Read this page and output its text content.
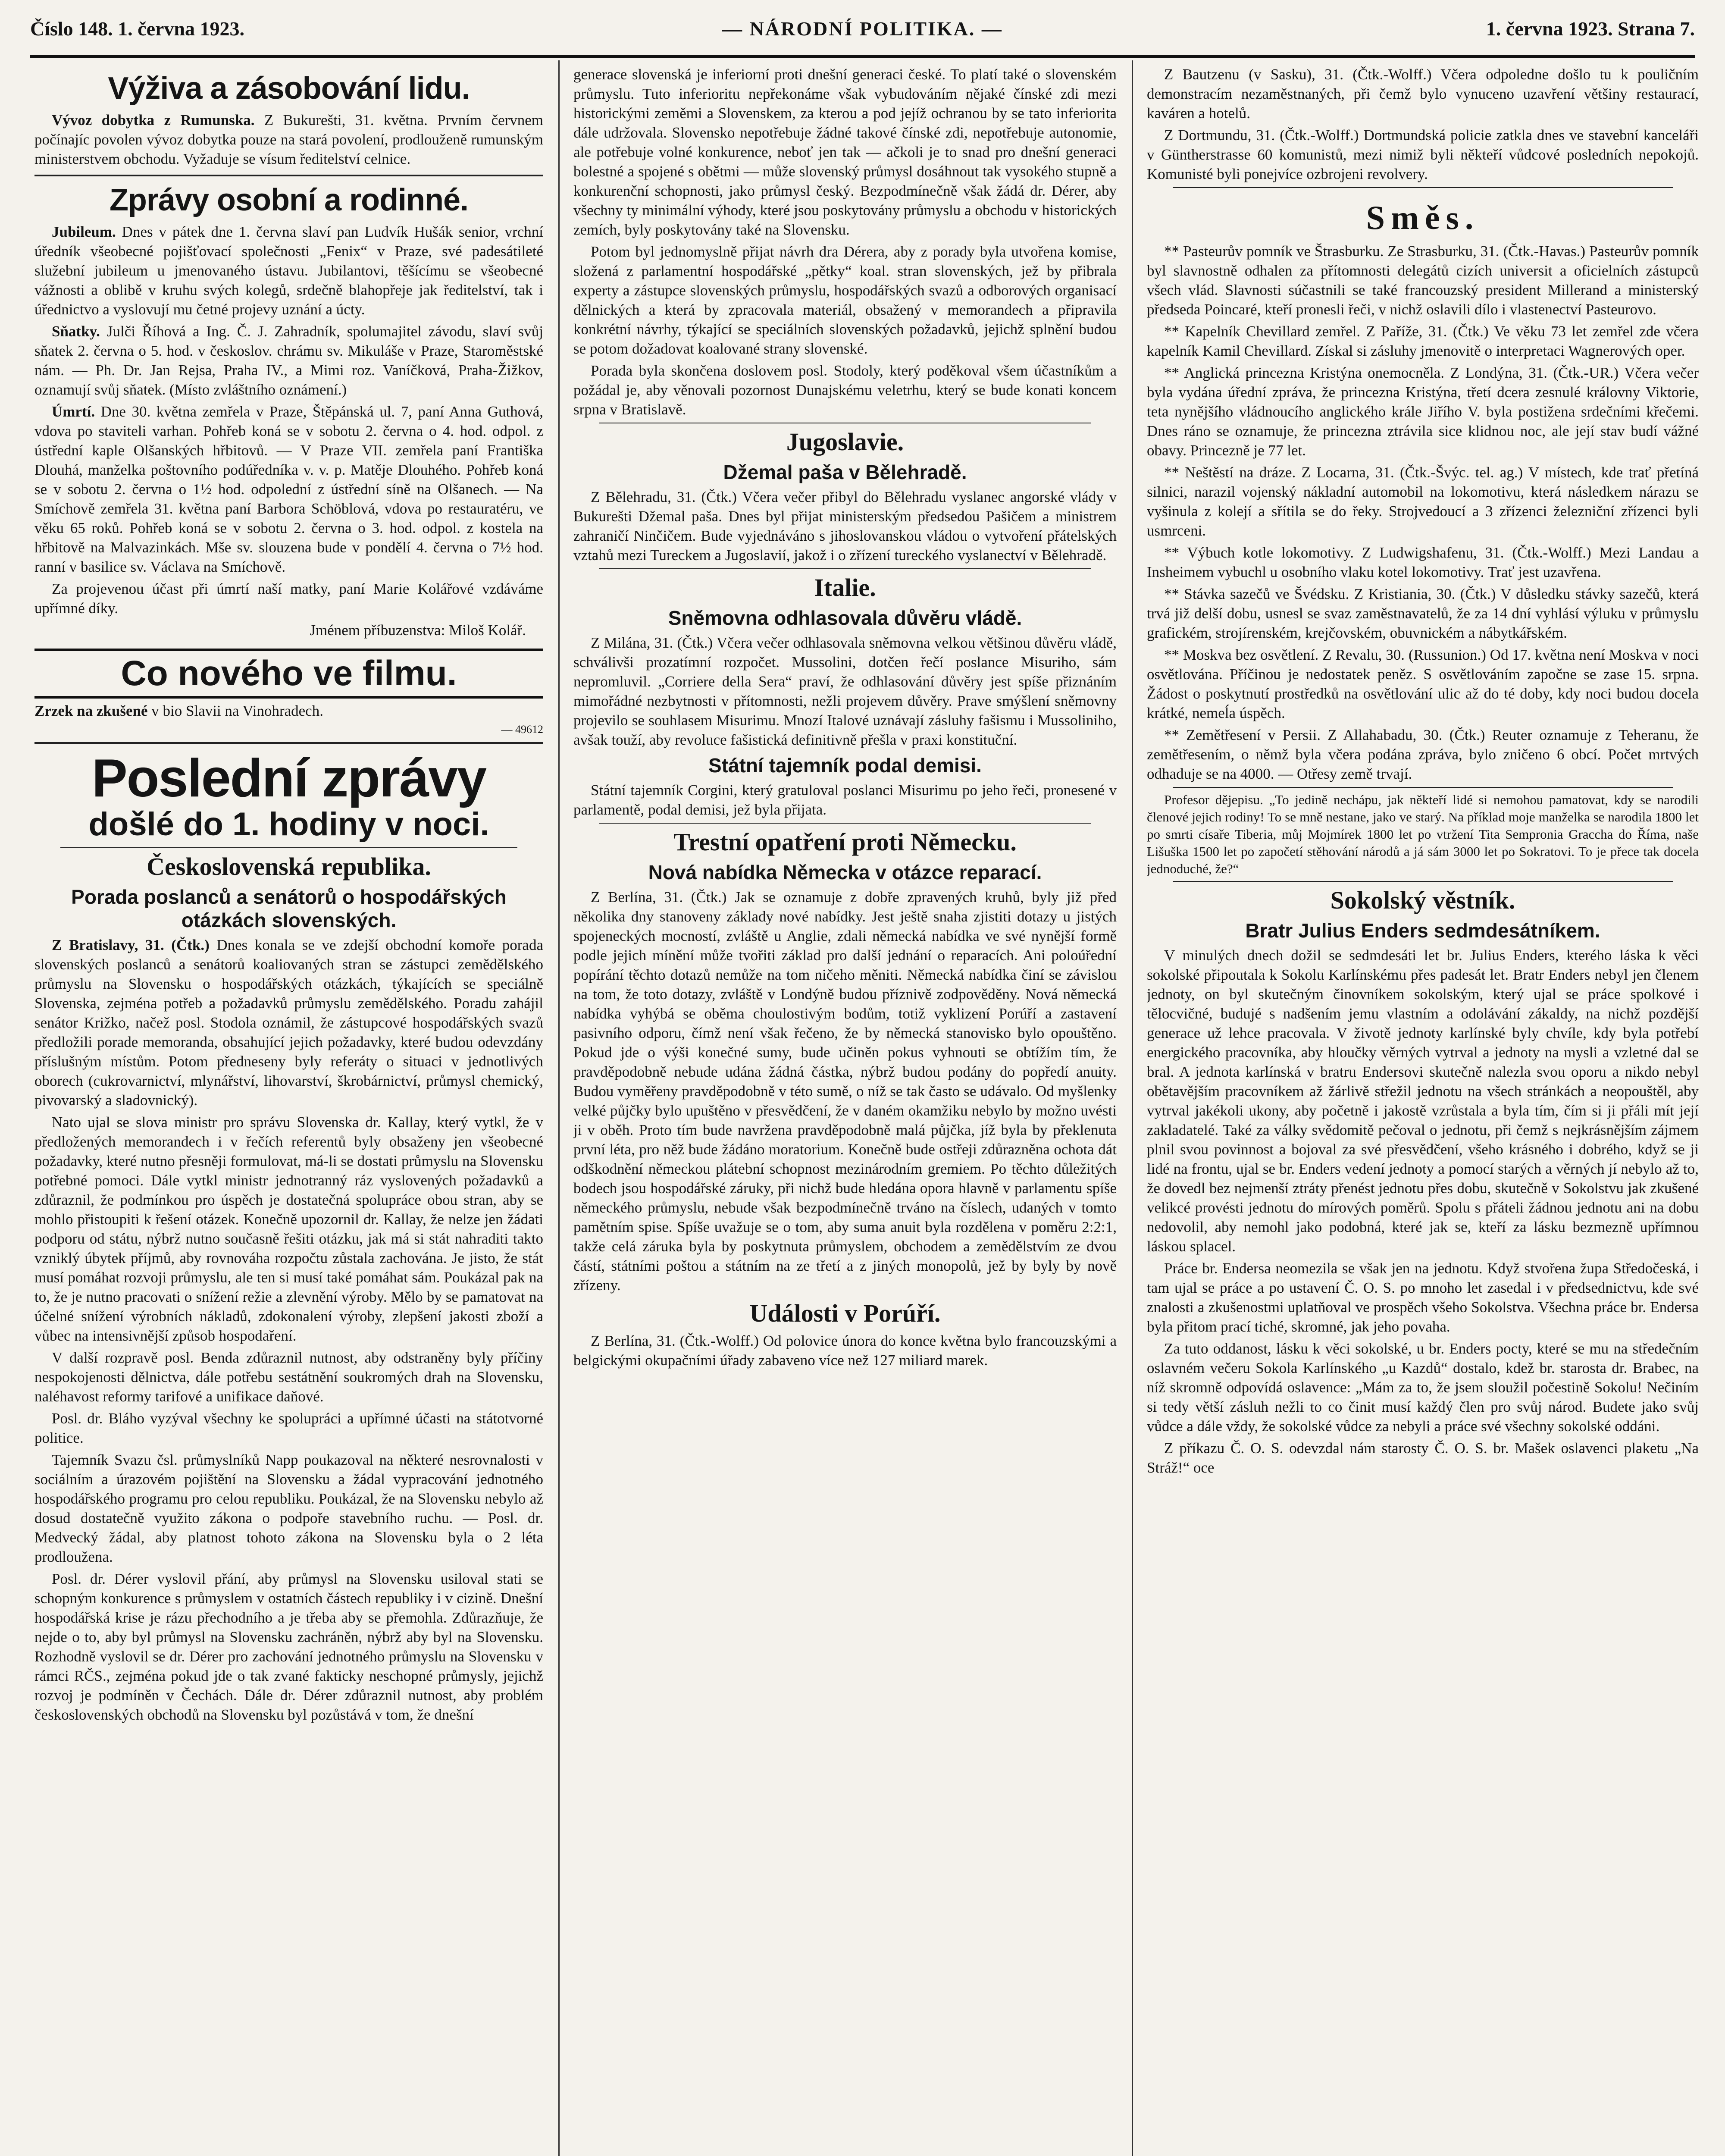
Číslo 148. 1. června 1923.	— NÁRODNÍ POLITIKA. —	1. června 1923. Strana 7.
Výživa a zásobování lidu.

Vývoz dobytka z Rumunska. Z Bukurešti, 31. května. Prvním červnem počínajíc povolen vývoz dobytka pouze na stará povolení, prodlouženě rumunským ministerstvem obchodu. Vyžaduje se vísum ředitelství celnice.

Zprávy osobní a rodinné.

Jubileum. Dnes v pátek dne 1. června slaví pan Ludvík Hušák senior, vrchní úředník všeobecné pojišťovací společnosti „Fenix“ v Praze, své padesátileté služební jubileum u jmenovaného ústavu. Jubilantovi, těšícímu se všeobecné vážnosti a oblibě v kruhu svých kolegů, srdečně blahopřeje jak ředitelství, tak i úřednictvo a vyslovují mu četné projevy uznání a úcty.

Sňatky. Julči Říhová a Ing. Č. J. Zahradník, spolumajitel závodu, slaví svůj sňatek 2. června o 5. hod. v českoslov. chrámu sv. Mikuláše v Praze, Staroměstské nám. — Ph. Dr. Jan Rejsa, Praha IV., a Mimi roz. Vaníčková, Praha-Žižkov, oznamují svůj sňatek. (Místo zvláštního oznámení.)

Úmrtí. Dne 30. května zemřela v Praze, Štěpánská ul. 7, paní Anna Guthová, vdova po staviteli varhan. Pohřeb koná se v sobotu 2. června o 4. hod. odpol. z ústřední kaple Olšanských hřbitovů. — V Praze VII. zemřela paní Františka Dlouhá, manželka poštovního podúředníka v. v. p. Matěje Dlouhého. Pohřeb koná se v sobotu 2. června o 1½ hod. odpolední z ústřední síně na Olšanech. — Na Smíchově zemřela 31. května paní Barbora Schöblová, vdova po restauratéru, ve věku 65 roků. Pohřeb koná se v sobotu 2. června o 3. hod. odpol. z kostela na hřbitově na Malvazinkách. Mše sv. slouzena bude v pondělí 4. června o 7½ hod. ranní v basilice sv. Václava na Smíchově.

Za projevenou účast při úmrtí naší matky, paní Marie Kolářové vzdáváme upřímné díky.

Jménem příbuzenstva: Miloš Kolář.
Co nového ve filmu.

Zrzek na zkušené v bio Slavii na Vinohradech.

— 49612
Poslední zprávy
došlé do 1. hodiny v noci.
Československá republika.
Porada poslanců a senátorů o hospodářských otázkách slovenských.

Z Bratislavy, 31. (Čtk.) Dnes konala se ve zdejší obchodní komoře porada slovenských poslanců a senátorů koaliovaných stran se zástupci zemědělského průmyslu na Slovensku o hospodářských otázkách, týkajících se speciálně Slovenska, zejména potřeb a požadavků průmyslu zemědělského. Poradu zahájil senátor Križko, načež posl. Stodola oznámil, že zástupcové hospodářských svazů předložili porade memoranda, obsahující jejich požadavky, které budou odevzdány příslušným místům. Potom předneseny byly referáty o situaci v jednotlivých oborech (cukrovarnictví, mlynářství, lihovarství, škrobárnictví, průmysl chemický, pivovarský a sladovnický).

Nato ujal se slova ministr pro správu Slovenska dr. Kallay, který vytkl, že v předložených memorandech i v řečích referentů byly obsaženy jen všeobecné požadavky, které nutno přesněji formulovat, má-li se dostati průmyslu na Slovensku potřebné pomoci. Dále vytkl ministr jednotranný ráz vyslovených požadavků a zdůraznil, že podmínkou pro úspěch je dostatečná spolupráce obou stran, aby se mohlo přistoupiti k řešení otázek. Konečně upozornil dr. Kallay, že nelze jen žádati podporu od státu, nýbrž nutno současně řešiti otázku, jak má si stát nahraditi takto vzniklý úbytek příjmů, aby rovnováha rozpočtu zůstala zachována. Je jisto, že stát musí pomáhat rozvoji průmyslu, ale ten si musí také pomáhat sám. Poukázal pak na to, že je nutno pracovati o snížení režie a zlevnění výroby. Mělo by se pamatovat na účelné snížení výrobních nákladů, zdokonalení výroby, zlepšení jakosti zboží a vůbec na intensivnější způsob hospodaření.

V další rozpravě posl. Benda zdůraznil nutnost, aby odstraněny byly příčiny nespokojenosti dělnictva, dále potřebu sestátnění soukromých drah na Slovensku, naléhavost reformy tarifové a unifikace daňové.

Posl. dr. Bláho vyzýval všechny ke spolupráci a upřímné účasti na státotvorné politice.

Tajemník Svazu čsl. průmyslníků Napp poukazoval na některé nesrovnalosti v sociálním a úrazovém pojištění na Slovensku a žádal vypracování jednotného hospodářského programu pro celou republiku. Poukázal, že na Slovensku nebylo až dosud dostatečně využito zákona o podpoře stavebního ruchu. — Posl. dr. Medvecký žádal, aby platnost tohoto zákona na Slovensku byla o 2 léta prodloužena.

Posl. dr. Dérer vyslovil přání, aby průmysl na Slovensku usiloval stati se schopným konkurence s průmyslem v ostatních částech republiky i v cizině. Dnešní hospodářská krise je rázu přechodního a je třeba aby se přemohla. Zdůrazňuje, že nejde o to, aby byl průmysl na Slovensku zachráněn, nýbrž aby byl na Slovensku. Rozhodně vyslovil se dr. Dérer pro zachování jednotného průmyslu na Slovensku v rámci RČS., zejména pokud jde o tak zvané fakticky neschopné průmysly, jejichž rozvoj je podmíněn v Čechách. Dále dr. Dérer zdůraznil nutnost, aby problém československých obchodů na Slovensku byl pozůstává v tom, že dnešní

generace slovenská je inferiorní proti dnešní generaci české. To platí také o slovenském průmyslu. Tuto inferioritu nepřekonáme však vybudováním nějaké čínské zdi mezi historickými zeměmi a Slovenskem, za kterou a pod jejíž ochranou by se tato inferiorita dále udržovala. Slovensko nepotřebuje žádné takové čínské zdi, nepotřebuje autonomie, ale potřebuje volné konkurence, neboť jen tak — ačkoli je to snad pro dnešní generaci bolestné a spojené s obětmi — může slovenský průmysl dosáhnout tak vysokého stupně a konkurenční schopnosti, jako průmysl český. Bezpodmínečně však žádá dr. Dérer, aby všechny ty minimální výhody, které jsou poskytovány průmyslu a obchodu v historických zemích, byly poskytovány také na Slovensku.

Potom byl jednomyslně přijat návrh dra Dérera, aby z porady byla utvořena komise, složená z parlamentní hospodářské „pětky“ koal. stran slovenských, jež by přibrala experty a zástupce slovenských průmyslu, hospodářských svazů a odborových organisací dělnických a která by zpracovala materiál, obsažený v memorandech a připravila konkrétní návrhy, týkající se speciálních slovenských požadavků, jejichž splnění budou se potom dožadovat koalované strany slovenské.

Porada byla skončena doslovem posl. Stodoly, který poděkoval všem účastníkům a požádal je, aby věnovali pozornost Dunajskému veletrhu, který se bude konati koncem srpna v Bratislavě.

Jugoslavie.
Džemal paša v Bělehradě.

Z Bělehradu, 31. (Čtk.) Včera večer přibyl do Bělehradu vyslanec angorské vlády v Bukurešti Džemal paša. Dnes byl přijat ministerským předsedou Pašičem a ministrem zahraničí Ninčičem. Bude vyjednáváno s jihoslovanskou vládou o vytvoření přátelských vztahů mezi Tureckem a Jugoslavií, jakož i o zřízení tureckého vyslanectví v Bělehradě.

Italie.
Sněmovna odhlasovala důvěru vládě.

Z Milána, 31. (Čtk.) Včera večer odhlasovala sněmovna velkou většinou důvěru vládě, schválivši prozatímní rozpočet. Mussolini, dotčen řečí poslance Misuriho, sám nepromluvil. „Corriere della Sera“ praví, že odhlasování důvěry jest spíše přiznáním mimořádné nezbytnosti v přítomnosti, nežli projevem důvěry. Prave smýšlení sněmovny projevilo se souhlasem Misurimu. Mnozí Italové uznávají zásluhy fašismu i Mussoliniho, avšak touží, aby revoluce fašistická definitivně přešla v praxi konstituční.

Státní tajemník podal demisi.

Státní tajemník Corgini, který gratuloval poslanci Misurimu po jeho řeči, pronesené v parlamentě, podal demisi, jež byla přijata.

Trestní opatření proti Německu.
Nová nabídka Německa v otázce reparací.

Z Berlína, 31. (Čtk.) Jak se oznamuje z dobře zpravených kruhů, byly již před několika dny stanoveny základy nové nabídky. Jest ještě snaha zjistiti dotazy u jistých spojeneckých mocností, zvláště u Anglie, zdali německá nabídka ve své nynější formě podle jejich mínění může tvořiti základ pro další jednání o reparacích. Ani poloúřední popírání těchto dotazů nemůže na tom ničeho měniti. Německá nabídka činí se závislou na tom, že toto dotazy, zvláště v Londýně budou příznivě zodpověděny. Nová německá nabídka vyhýbá se oběma choulostivým bodům, totiž vyklizení Porúří a zastavení pasivního odporu, čímž není však řečeno, že by německá stanovisko bylo opouštěno. Pokud jde o výši konečné sumy, bude učiněn pokus vyhnouti se obtížím tím, že pravděpodobně nebude udána žádná částka, nýbrž budou podány do popředí anuity. Budou vyměřeny pravděpodobně v této sumě, o níž se tak často se udávalo. Od myšlenky velké půjčky bylo upuštěno v přesvědčení, že v daném okamžiku nebylo by možno uvésti ji v oběh. Proto tím bude navržena pravděpodobně malá půjčka, jíž byla by překlenuta první léta, pro něž bude žádáno moratorium. Konečně bude ostřeji zdůrazněna ochota dát odškodnění německou plátební schopnost mezinárodním gremiem. Po těchto důležitých bodech jsou hospodářské záruky, při nichž bude hledána opora hlavně v parlamentu spíše německého průmyslu, nebude však bezpodmínečně trváno na číslech, udaných v tomto pamětním spise. Spíše uvažuje se o tom, aby suma anuit byla rozdělena v poměru 2:2:1, takže celá záruka byla by poskytnuta průmyslem, obchodem a zemědělstvím ze dvou částí, státními poštou a státním na ze třetí a z jiných monopolů, jež by byly by nově zřízeny.

Události v Porúří.

Z Berlína, 31. (Čtk.-Wolff.) Od polovice února do konce května bylo francouzskými a belgickými okupačními úřady zabaveno více než 127 miliard marek.

Z Bautzenu (v Sasku), 31. (Čtk.-Wolff.) Včera odpoledne došlo tu k pouličním demonstracím nezaměstnaných, při čemž bylo vynuceno uzavření většiny restaurací, kaváren a hotelů.

Z Dortmundu, 31. (Čtk.-Wolff.) Dortmundská policie zatkla dnes ve stavební kanceláři v Güntherstrasse 60 komunistů, mezi nimiž byli někteří vůdcové posledních nepokojů. Komunisté byli ponejvíce ozbrojeni revolvery.

Směs.

** Pasteurův pomník ve Štrasburku. Ze Strasburku, 31. (Čtk.-Havas.) Pasteurův pomník byl slavnostně odhalen za přítomnosti delegátů cizích universit a oficielních zástupců všech vlád. Slavnosti súčastnili se také francouzský president Millerand a ministerský předseda Poincaré, kteří pronesli řeči, v nichž oslavili dílo i vlastenectví Pasteurovo.

** Kapelník Chevillard zemřel. Z Paříže, 31. (Čtk.) Ve věku 73 let zemřel zde včera kapelník Kamil Chevillard. Získal si zásluhy jmenovitě o interpretaci Wagnerových oper.

** Anglická princezna Kristýna onemocněla. Z Londýna, 31. (Čtk.-UR.) Včera večer byla vydána úřední zpráva, že princezna Kristýna, třetí dcera zesnulé královny Viktorie, teta nynějšího vládnoucího anglického krále Jiřího V. byla postižena srdečními křečemi. Dnes ráno se oznamuje, že princezna ztrávila sice klidnou noc, ale její stav budí vážné obavy. Princezně je 77 let.

** Neštěstí na dráze. Z Locarna, 31. (Čtk.-Švýc. tel. ag.) V místech, kde trať přetíná silnici, narazil vojenský nákladní automobil na lokomotivu, která následkem nárazu se vyšinula z kolejí a sřítila se do řeky. Strojvedoucí a 3 zřízenci železniční zřízenci byli usmrceni.

** Výbuch kotle lokomotivy. Z Ludwigshafenu, 31. (Čtk.-Wolff.) Mezi Landau a Insheimem vybuchl u osobního vlaku kotel lokomotivy. Trať jest uzavřena.

** Stávka sazečů ve Švédsku. Z Kristiania, 30. (Čtk.) V důsledku stávky sazečů, která trvá již delší dobu, usnesl se svaz zaměstnavatelů, že za 14 dní vyhlásí výluku v průmyslu grafickém, strojírenském, krejčovském, obuvnickém a nábytkářském.

** Moskva bez osvětlení. Z Revalu, 30. (Russunion.) Od 17. května není Moskva v noci osvětlována. Příčinou je nedostatek peněz. S osvětlováním započne se zase 15. srpna. Žádost o poskytnutí prostředků na osvětlování ulic až do té doby, kdy noci budou docela krátké, nemeĺa úspěch.

** Zemětřesení v Persii. Z Allahabadu, 30. (Čtk.) Reuter oznamuje z Teheranu, že zemětřesením, o němž byla včera podána zpráva, bylo zničeno 6 obcí. Počet mrtvých odhaduje se na 4000. — Otřesy země trvají.

Profesor dějepisu. „To jedině nechápu, jak někteří lidé si nemohou pamatovat, kdy se narodili členové jejich rodiny! To se mně nestane, jako ve starý. Na příklad moje manželka se narodila 1800 let po smrti císaře Tiberia, můj Mojmírek 1800 let po vtržení Tita Sempronia Graccha do Říma, naše Lišuška 1500 let po započetí stěhování národů a já sám 3000 let po Sokratovi. To je přece tak docela jednoduché, že?“

Sokolský věstník.
Bratr Julius Enders sedmdesátníkem.

V minulých dnech dožil se sedmdesáti let br. Julius Enders, kterého láska k věci sokolské připoutala k Sokolu Karlínskému přes padesát let. Bratr Enders nebyl jen členem jednoty, on byl skutečným činovníkem sokolským, který ujal se práce spolkové i tělocvičné, budujé s nadšením jemu vlastním a odolávání zákaldy, na nichž pozdější generace už lehce pracovala. V životě jednoty karlínské byly chvíle, kdy byla potřebí energického pracovníka, aby hloučky věrných vytrval a jednoty na mysli a vzletné dal se bral. A jednota karlínská v bratru Endersovi skutečně nalezla svou oporu a nikdo nebyl obětavějším pracovníkem až žárlivě střežil jednotu na všech stránkách a neopouštěl, aby vytrval jakékoli ukony, aby početně i jakostě vzrůstala a byla tím, čím si ji přáli mít její zakladatelé. Také za války svědomitě pečoval o jednotu, při čemž s nejkrásnějším zájmem plnil svou povinnost a bojoval za své přesvědčení, všeho krásného i dobrého, když se ji lidé na frontu, ujal se br. Enders vedení jednoty a pomocí starých a věrných jí nebylo až to, že dovedl bez nejmenší ztráty přenést jednotu přes dobu, skutečně v Sokolstvu jak zkušené velikcé provésti jednotu do mírových poměrů. Spolu s přáteli žádnou jednotu ani na dobu nedovolil, aby nemohl jako podobná, které jak se, kteří za lásku bezmezně upřímnou láskou splacel.

Práce br. Endersa neomezila se však jen na jednotu. Když stvořena župa Středočeská, i tam ujal se práce a po ustavení Č. O. S. po mnoho let zasedal i v předsednictvu, kde své znalosti a zkušenostmi uplatňoval ve prospěch všeho Sokolstva. Všechna práce br. Endersa byla přitom prací tiché, skromné, jak jeho povaha.

Za tuto oddanost, lásku k věci sokolské, u br. Enders pocty, které se mu na středečním oslavném večeru Sokola Karlínského „u Kazdů“ dostalo, kdež br. starosta dr. Brabec, na níž skromně odpovídá oslavence: „Mám za to, že jsem sloužil počestině Sokolu! Nečiním si tedy větší zásluh nežli to co činit musí každý člen pro svůj národ. Budete jako svůj vůdce a dále vždy, že sokolské vůdce za nebyli a práce své všechny sokolské oddáni.

Z příkazu Č. O. S. odevzdal nám starosty Č. O. S. br. Mašek oslavenci plaketu „Na Stráž!“ oce
